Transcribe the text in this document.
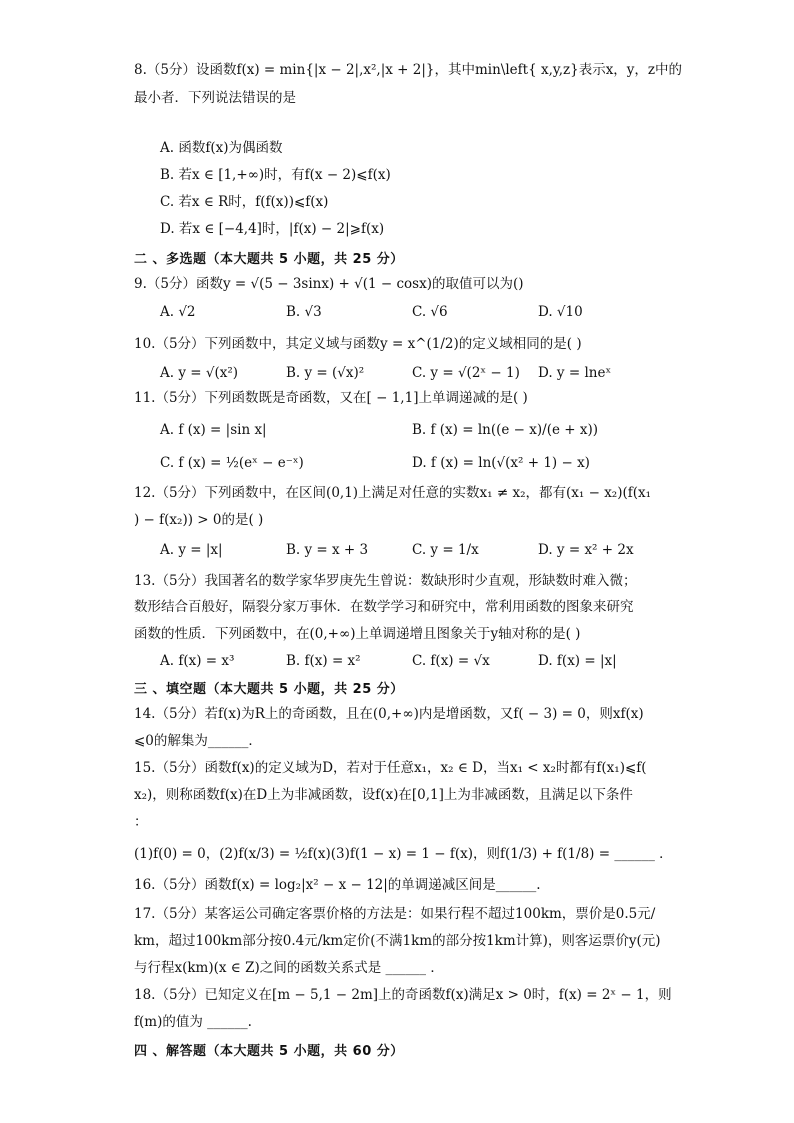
8.（5分）设函数f(x) = min{|x − 2|,x²,|x + 2|}，其中min\left{ x,y,z}表示x，y，z中的
最小者．下列说法错误的是
A. 函数f(x)为偶函数
B. 若x ∈ [1,+∞)时，有f(x − 2)⩽f(x)
C. 若x ∈ R时，f(f(x))⩽f(x)
D. 若x ∈ [−4,4]时，|f(x) − 2|⩾f(x)
二 、多选题（本大题共 5 小题，共 25 分）
9.（5分）函数y = √(5 − 3sinx) + √(1 − cosx)的取值可以为()
A. √2	B. √3	C. √6	D. √10
10.（5分）下列函数中，其定义域与函数y = x^(1/2)的定义域相同的是( )
A. y = √(x²)	B. y = (√x)²	C. y = √(2ˣ − 1) D. y = lneˣ
11.（5分）下列函数既是奇函数，又在[ − 1,1]上单调递减的是( )
A. f (x) = |sin x|	B. f (x) = ln((e − x)/(e + x))
C. f (x) = ½(eˣ − e⁻ˣ)	D. f (x) = ln(√(x² + 1) − x)
12.（5分）下列函数中，在区间(0,1)上满足对任意的实数x₁ ≠ x₂，都有(x₁ − x₂)(f(x₁
) − f(x₂)) > 0的是( )
A. y = |x|	B. y = x + 3	C. y = 1/x	D. y = x² + 2x
13.（5分）我国著名的数学家华罗庚先生曾说：数缺形时少直观，形缺数时难入微；
数形结合百般好，隔裂分家万事休．在数学学习和研究中，常利用函数的图象来研究
函数的性质．下列函数中，在(0,+∞)上单调递增且图象关于y轴对称的是( )
A. f(x) = x³	B. f(x) = x²	C. f(x) = √x	D. f(x) = |x|
三 、填空题（本大题共 5 小题，共 25 分）
14.（5分）若f(x)为R上的奇函数，且在(0,+∞)内是增函数，又f( − 3) = 0，则xf(x)
⩽0的解集为______．
15.（5分）函数f(x)的定义域为D，若对于任意x₁，x₂ ∈ D，当x₁ < x₂时都有f(x₁)⩽f(
x₂)，则称函数f(x)在D上为非减函数，设f(x)在[0,1]上为非减函数，且满足以下条件
：
(1)f(0) = 0，(2)f(x/3) = ½f(x)(3)f(1 − x) = 1 − f(x)，则f(1/3) + f(1/8) = ______ ．
16.（5分）函数f(x) = log₂|x² − x − 12|的单调递减区间是______.
17.（5分）某客运公司确定客票价格的方法是：如果行程不超过100km，票价是0.5元/
km，超过100km部分按0.4元/km定价(不满1km的部分按1km计算)，则客运票价y(元)
与行程x(km)(x ∈ Z)之间的函数关系式是 ______ ．
18.（5分）已知定义在[m − 5,1 − 2m]上的奇函数f(x)满足x > 0时，f(x) = 2ˣ − 1，则
f(m)的值为 ______.
四 、解答题（本大题共 5 小题，共 60 分）
